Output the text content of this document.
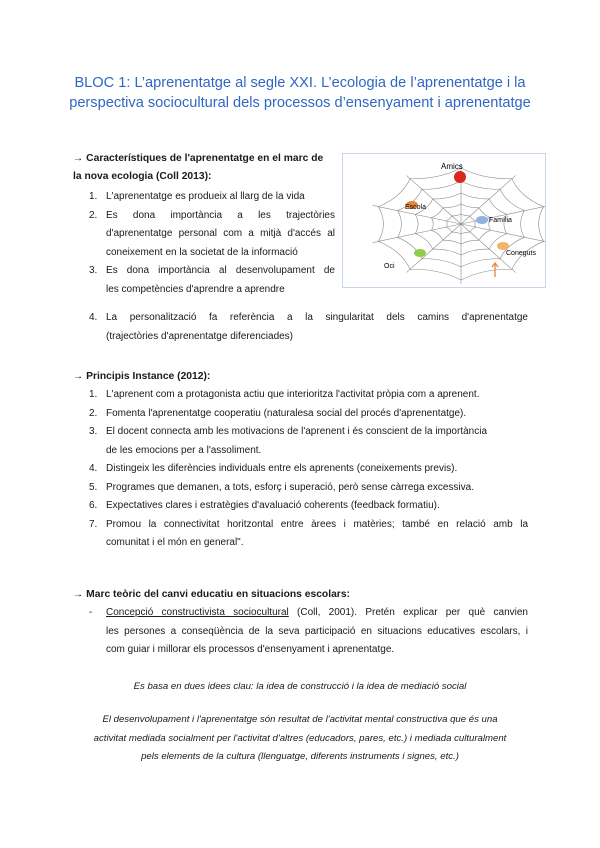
BLOC 1: L’aprenentatge al segle XXI. L’ecologia de l’aprenentatge i la perspectiva sociocultural dels processos d’ensenyament i aprenentatge
→ Característiques de l'aprenentatge en el marc de
la nova ecologia (Coll 2013):
1. L'aprenentatge es produeix al llarg de la vida
2. Es dona importància a les trajectòries
d'aprenentatge personal com a mitjà d'accés al
coneixement en la societat de la informació
3. Es dona importància al desenvolupament de
les competències d'aprendre a aprendre
4. La personalització fa referència a la singularitat dels camins d'aprenentatge
(trajectòries d'aprenentatge diferenciades)
Amics
Escola
Família
Coneguts
Oci
→ Principis Instance (2012):
1. L'aprenent com a protagonista actiu que interioritza l'activitat pròpia com a aprenent.
2. Fomenta l'aprenentatge cooperatiu (naturalesa social del procés d'aprenentatge).
3. El docent connecta amb les motivacions de l'aprenent i és conscient de la importància
de les emocions per a l'assoliment.
4. Distingeix les diferències individuals entre els aprenents (coneixements previs).
5. Programes que demanen, a tots, esforç i superació, però sense càrrega excessiva.
6. Expectatives clares i estratègies d'avaluació coherents (feedback formatiu).
7. Promou la connectivitat horitzontal entre àrees i matèries; també en relació amb la
comunitat i el món en general".
→ Marc teòric del canvi educatiu en situacions escolars:
-	Concepció constructivista sociocultural (Coll, 2001). Pretén explicar per què canvien
les persones a conseqüència de la seva participació en situacions educatives escolars, i
com guiar i millorar els processos d'ensenyament i aprenentatge.
Es basa en dues idees clau: la idea de construcció i la idea de mediació social
El desenvolupament i l'aprenentatge són resultat de l'activitat mental constructiva que és una
activitat mediada socialment per l'activitat d'altres (educadors, pares, etc.) i mediada culturalment
pels elements de la cultura (llenguatge, diferents instruments i signes, etc.)
